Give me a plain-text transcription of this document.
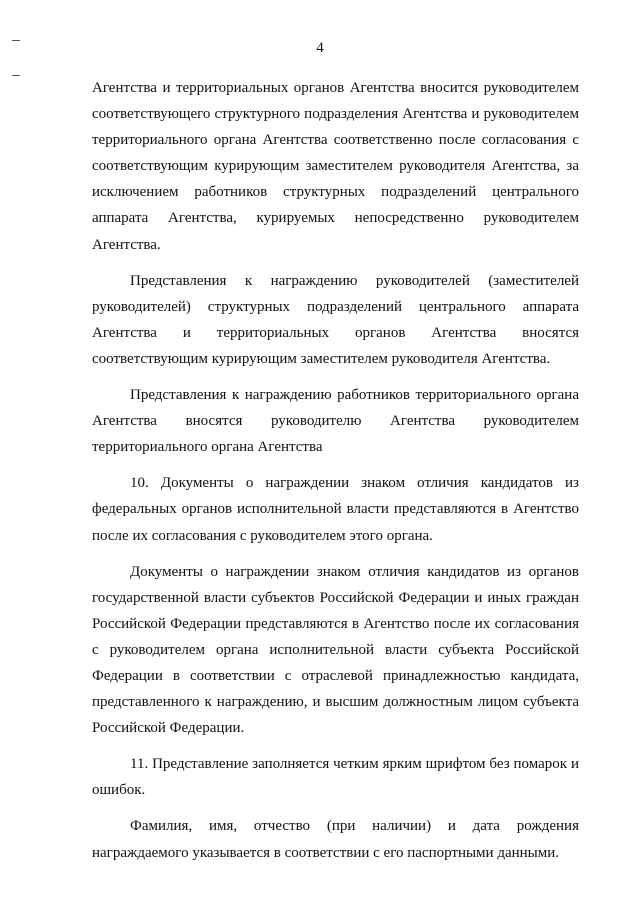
4

Агентства и территориальных органов Агентства вносится руководителем соответствующего структурного подразделения Агентства и руководителем территориального органа Агентства соответственно после согласования с соответствующим курирующим заместителем руководителя Агентства, за исключением работников структурных подразделений центрального аппарата Агентства, курируемых непосредственно руководителем Агентства.

Представления к награждению руководителей (заместителей руководителей) структурных подразделений центрального аппарата Агентства и территориальных органов Агентства вносятся соответствующим курирующим заместителем руководителя Агентства.

Представления к награждению работников территориального органа Агентства вносятся руководителю Агентства руководителем территориального органа Агентства

10. Документы о награждении знаком отличия кандидатов из федеральных органов исполнительной власти представляются в Агентство после их согласования с руководителем этого органа.

Документы о награждении знаком отличия кандидатов из органов государственной власти субъектов Российской Федерации и иных граждан Российской Федерации представляются в Агентство после их согласования с руководителем органа исполнительной власти субъекта Российской Федерации в соответствии с отраслевой принадлежностью кандидата, представленного к награждению, и высшим должностным лицом субъекта Российской Федерации.

11. Представление заполняется четким ярким шрифтом без помарок и ошибок.

Фамилия, имя, отчество (при наличии) и дата рождения награждаемого указывается в соответствии с его паспортными данными.
